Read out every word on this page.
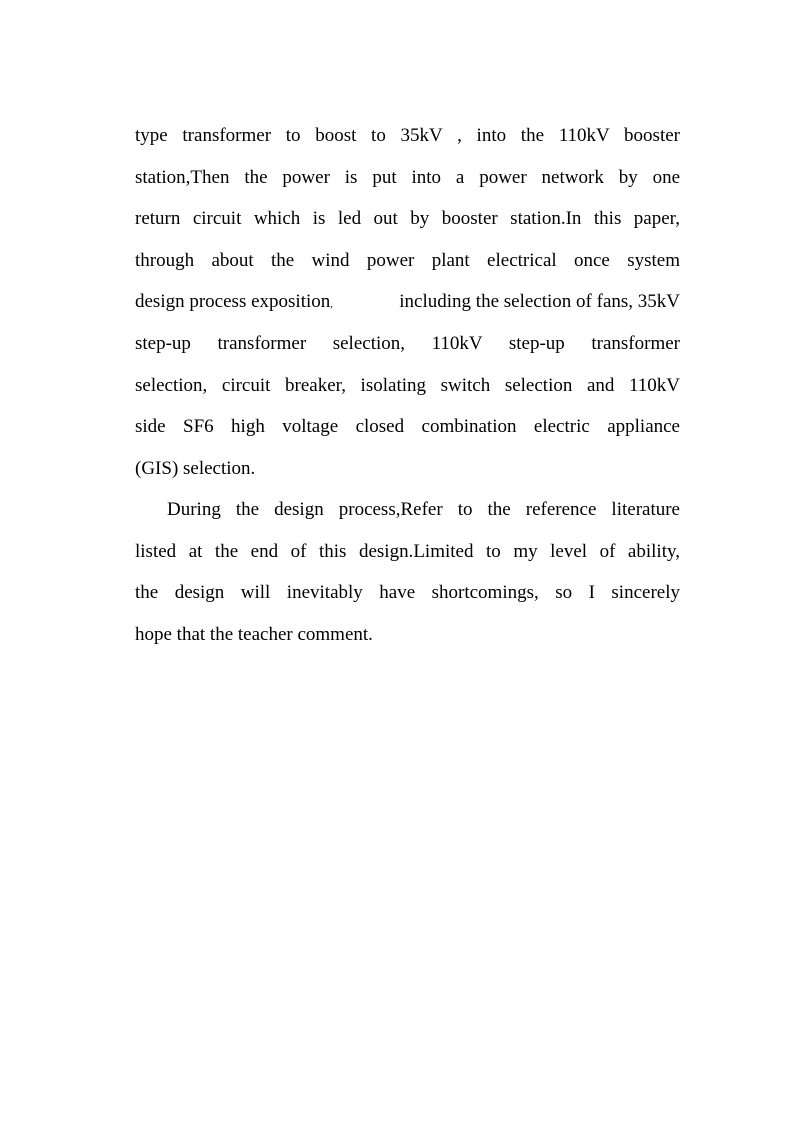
type transformer to boost to 35kV , into the 110kV booster
station,Then the power is put into a power network by one
return circuit which is led out by booster station.In this paper,
through about the wind power plant electrical once system
design process exposition,	including the selection of fans, 35kV
step-up transformer selection, 110kV step-up transformer
selection, circuit breaker, isolating switch selection and 110kV
side SF6 high voltage closed combination electric appliance
(GIS) selection.
During the design process,Refer to the reference literature
listed at the end of this design.Limited to my level of ability,
the design will inevitably have shortcomings, so I sincerely
hope that the teacher comment.
